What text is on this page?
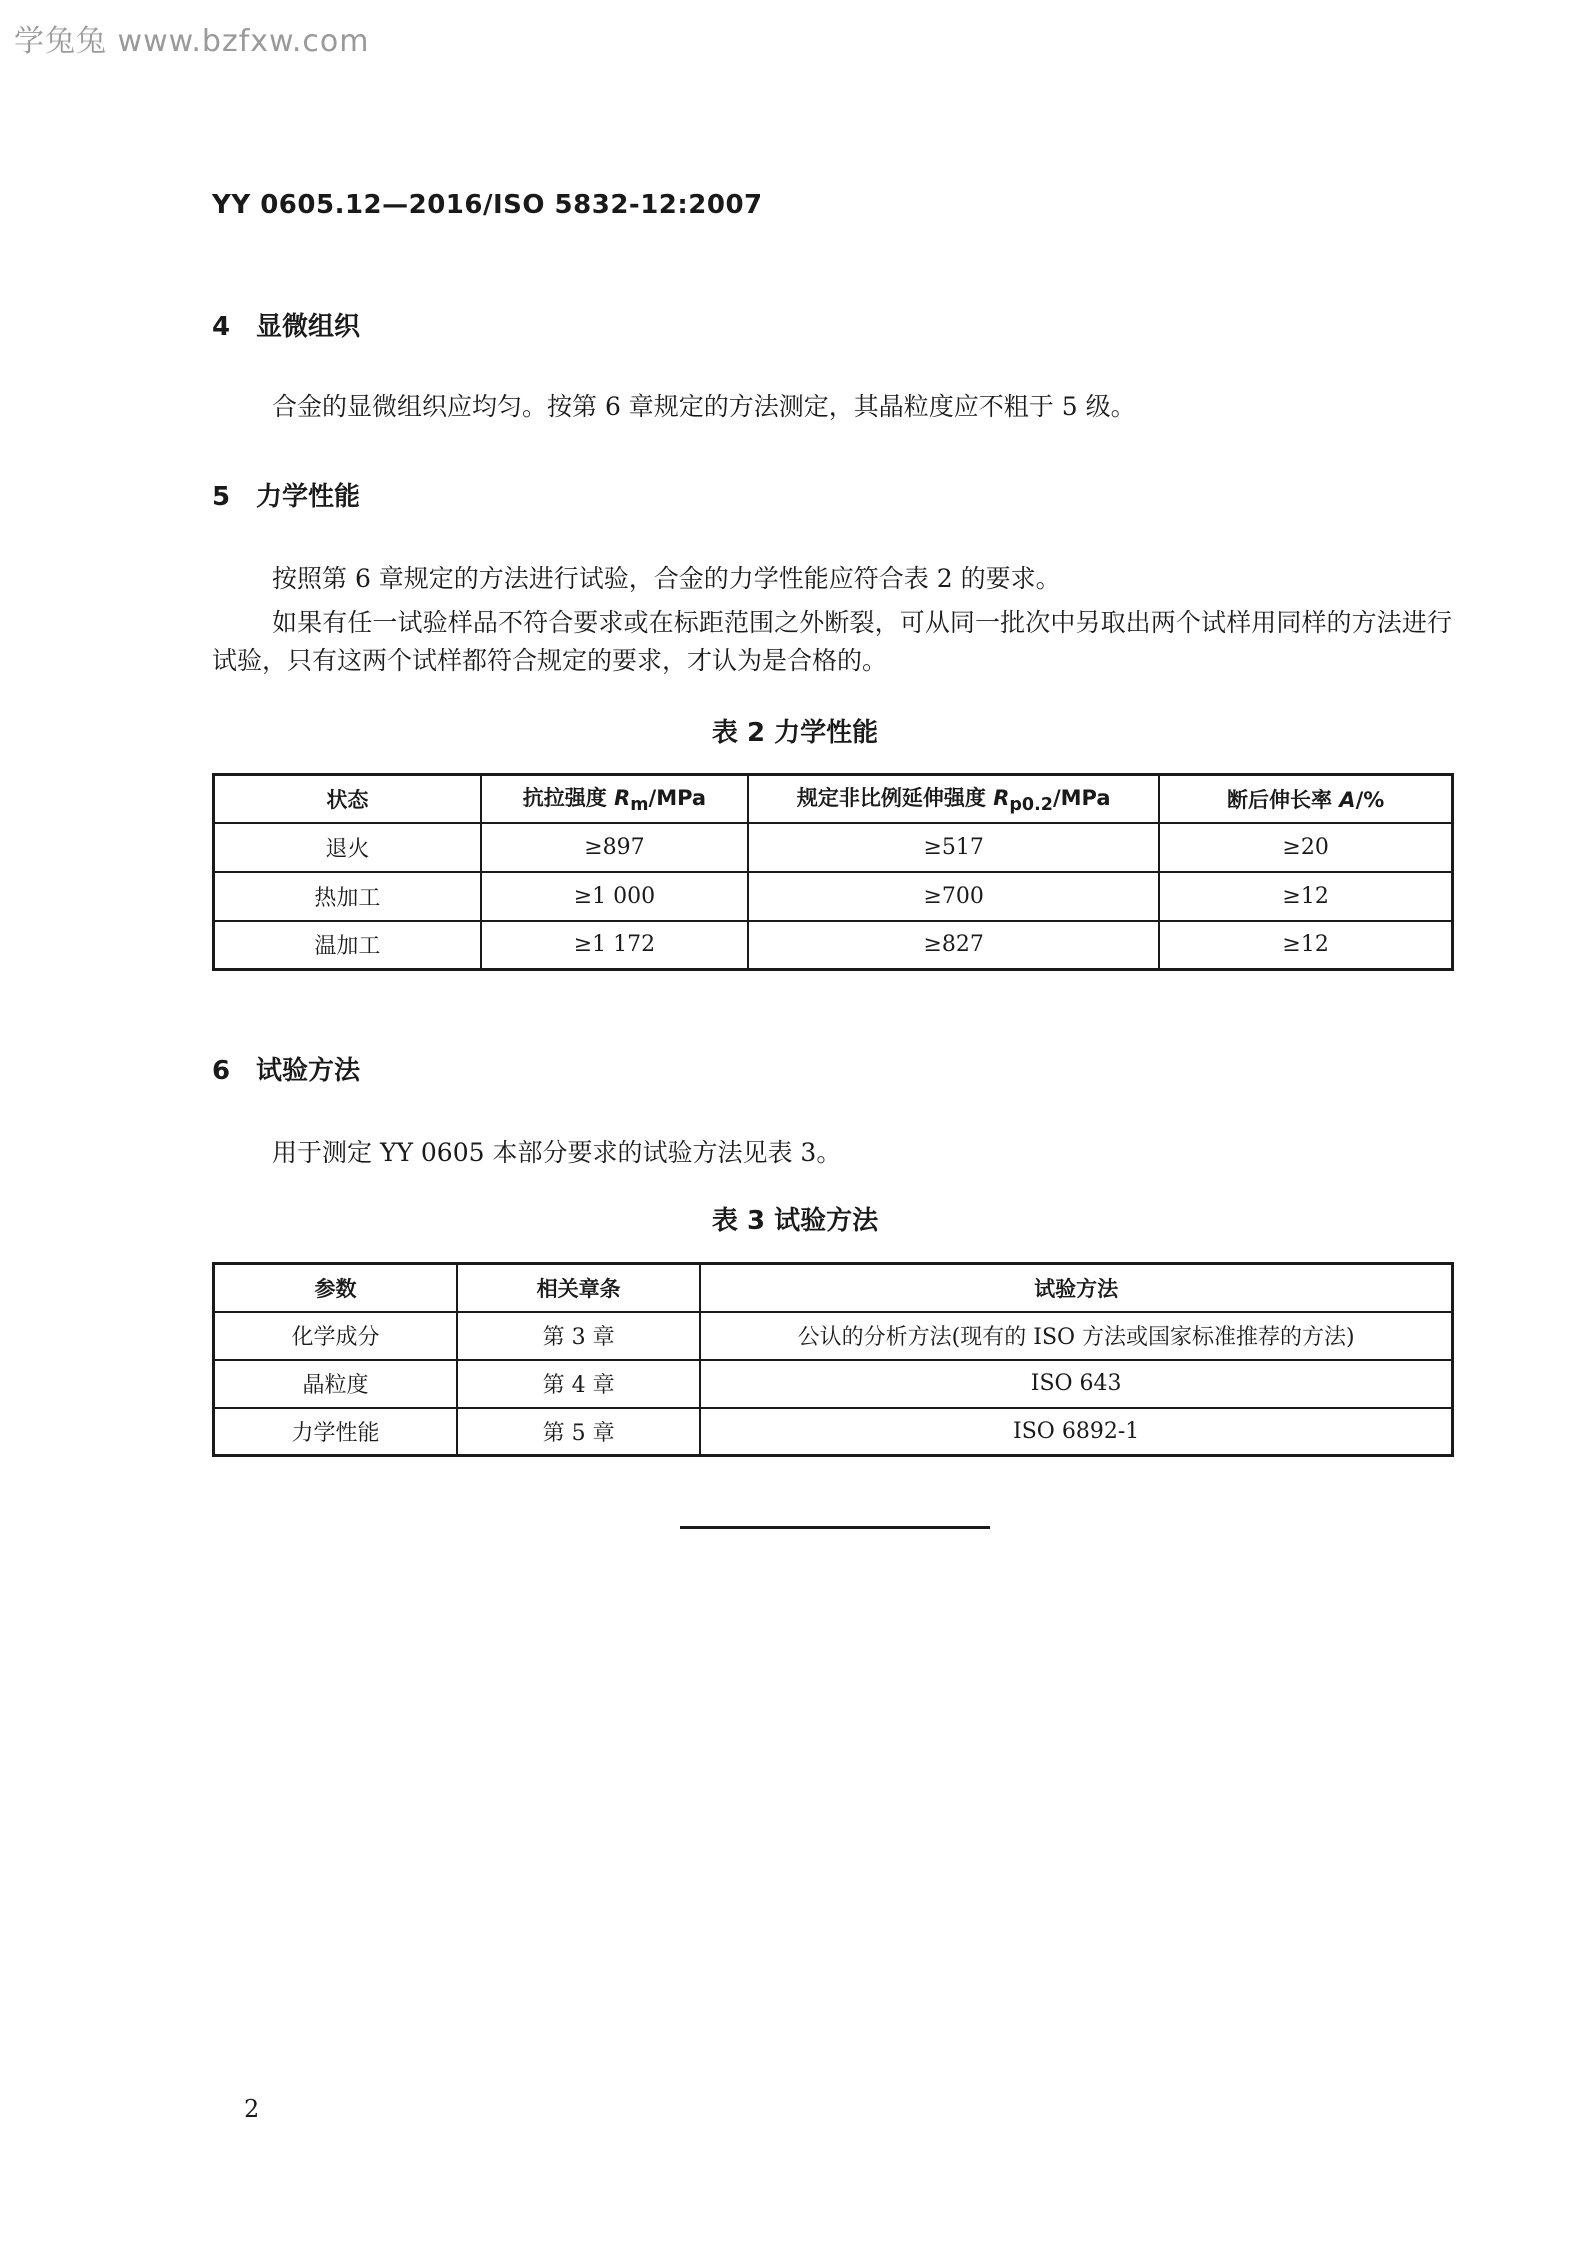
学兔兔 www.bzfxw.com
YY 0605.12—2016/ISO 5832-12:2007
4 显微组织
合金的显微组织应均匀。按第 6 章规定的方法测定，其晶粒度应不粗于 5 级。
5 力学性能
按照第 6 章规定的方法进行试验，合金的力学性能应符合表 2 的要求。
如果有任一试验样品不符合要求或在标距范围之外断裂，可从同一批次中另取出两个试样用同样的方法进行试验，只有这两个试样都符合规定的要求，才认为是合格的。
表 2 力学性能
状态	抗拉强度 $R_m$/MPa	规定非比例延伸强度 $R_{p0.2}$/MPa	断后伸长率 A/%
退火	≥897	≥517	≥20
热加工	≥1 000	≥700	≥12
温加工	≥1 172	≥827	≥12
6 试验方法
用于测定 YY 0605 本部分要求的试验方法见表 3。
表 3 试验方法
参数	相关章条	试验方法
化学成分	第 3 章	公认的分析方法(现有的 ISO 方法或国家标准推荐的方法)
晶粒度	第 4 章	ISO 643
力学性能	第 5 章	ISO 6892-1
2
